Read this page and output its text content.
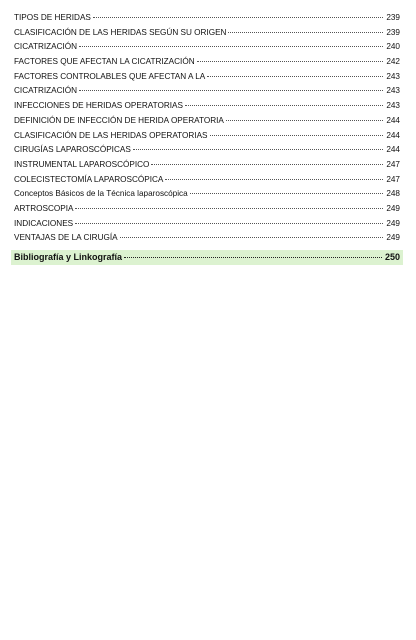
TIPOS DE HERIDAS	239
CLASIFICACIÓN DE LAS HERIDAS SEGÚN SU ORIGEN	239
CICATRIZACIÓN	240
FACTORES QUE AFECTAN LA CICATRIZACIÓN	242
FACTORES CONTROLABLES QUE AFECTAN A LA	243
CICATRIZACIÓN	243
INFECCIONES DE HERIDAS OPERATORIAS	243
DEFINICIÓN DE INFECCIÓN DE HERIDA OPERATORIA	244
CLASIFICACIÓN DE LAS HERIDAS OPERATORIAS	244
CIRUGÍAS LAPAROSCÓPICAS	244
INSTRUMENTAL LAPAROSCÓPICO	247
COLECISTECTOMÍA LAPAROSCÓPICA	247
Conceptos Básicos de la Técnica laparoscópica	248
ARTROSCOPIA	249
INDICACIONES	249
VENTAJAS DE LA CIRUGÍA	249
Bibliografía y Linkografía	250
